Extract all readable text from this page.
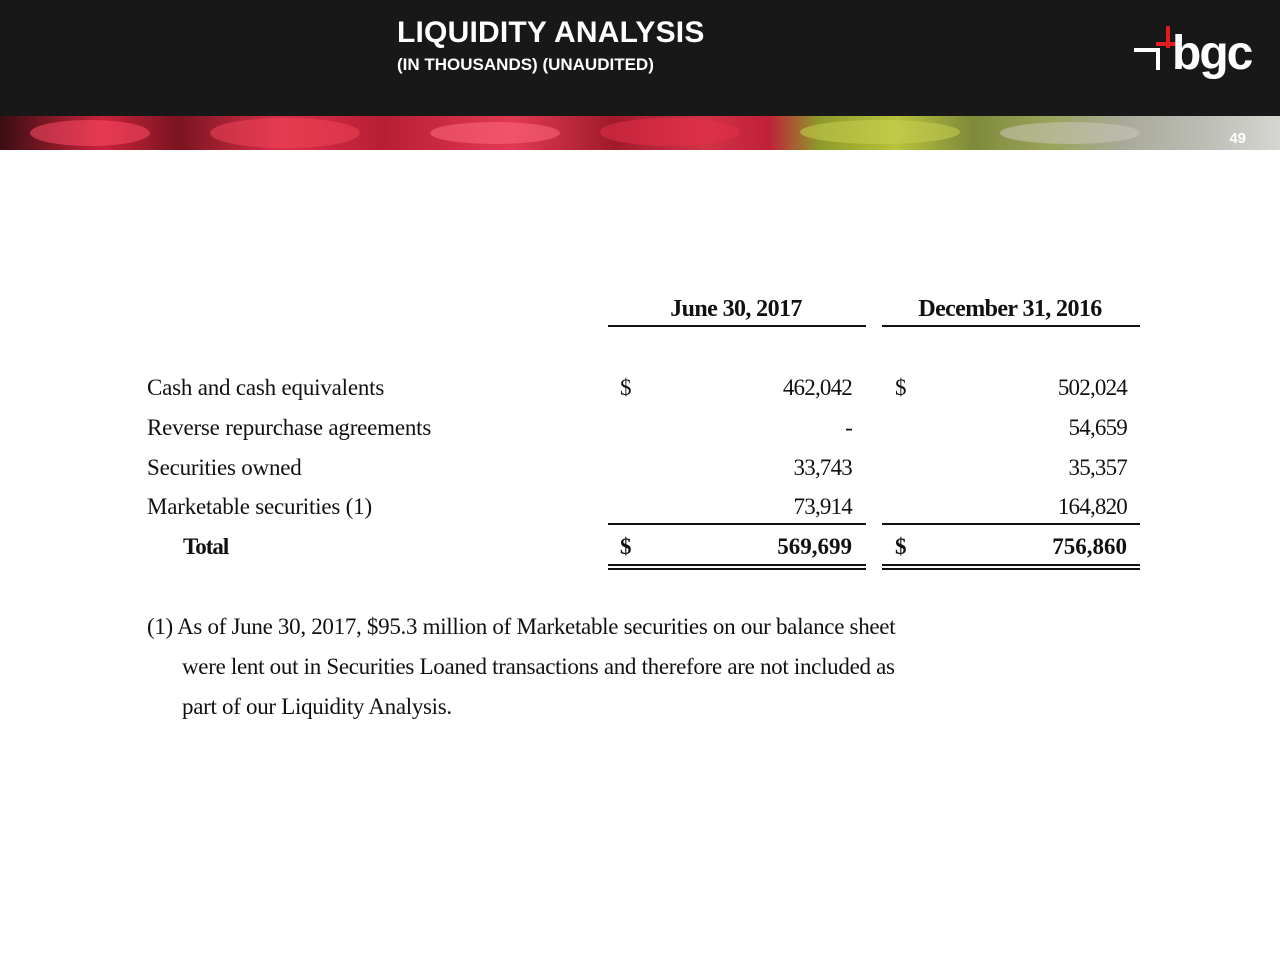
LIQUIDITY ANALYSIS
(IN THOUSANDS) (UNAUDITED)	bgc
49
June 30, 2017	December 31, 2016
Cash and cash equivalents	$	462,042 $	502,024
Reverse repurchase agreements	-	54,659
Securities owned	33,743	35,357
Marketable securities (1)	73,914	164,820
Total	$	569,699 $	756,860
(1) As of June 30, 2017, $95.3 million of Marketable securities on our balance sheet
were lent out in Securities Loaned transactions and therefore are not included as
part of our Liquidity Analysis.
